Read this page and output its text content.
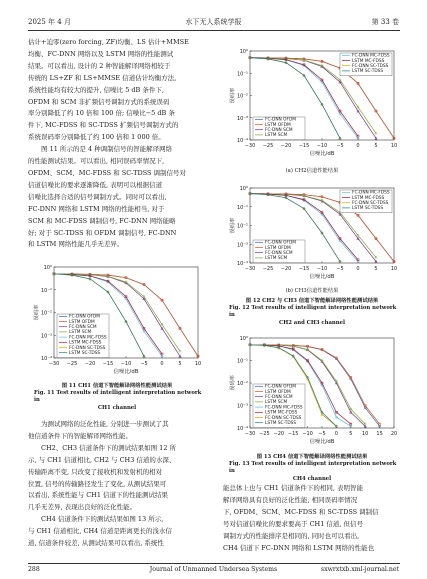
2025 年 4 月	水下无人系统学报	第 33 卷

估计+迫零(zero forcing, ZF)均衡、LS 估计+MMSE

均衡、FC-DNN 网络以及 LSTM 网络的性能测试

结果。可以看出, 设计的 2 种智能解译网络相较于

传统的 LS+ZF 和 LS+MMSE 信道估计均衡方法,

系统性能均有较大的提升, 信噪比 5 dB 条件下,

OFDM 和 SCM 非扩频信号调制方式的系统误码

率分别降低了约 10 倍和 100 倍; 信噪比−5 dB 条

件下, MC-FDSS 和 SC-TDSS 扩频信号调制方式的

系统误码率分别降低了约 100 倍和 1 000 倍。

图 11 所示的是 4 种调制信号的智能解译网络

的性能测试结果。可以看出, 相同误码率情况下,

OFDM、SCM、MC-FDSS 和 SC-TDSS 调制信号对

信道信噪比的要求逐渐降低, 表明可以根据信道

信噪比选择合适的信号调制方式。同时可以看出,

FC-DNN 网络和 LSTM 网络的性能相当, 对于

SCM 和 MC-FDSS 调制信号, FC-DNN 网络能略

好; 对于 SC-TDSS 和 OFDM 调制信号, FC-DNN

和 LSTM 网络性能几乎无差异。

10⁰
10⁻¹
10⁻²
10⁻³
10⁻⁴
−30 −25 −20 −15 −10 −5	0	5	10
信噪比/dB
误码率	FC-DNN OFDM
LSTM OFDM
FC-DNN SCM
LSTM SCM
FC-DNN MC-FDSS
LSTM MC-FDSS
FC-DNN SC-TDSS
LSTM SC-TDSS
图 11 CH1 信道下智能解译网络性能测试结果
Fig. 11 Test results of intelligent interpretation network in
CH1 channel

为测试网络的泛化性能, 分别进一步测试了其

他信道条件下的智能解译网络性能。

CH2、CH3 信道条件下的测试结果如图 12 所

示, 与 CH1 信道相比, CH2 与 CH3 信道的水深、

传输距离不变, 只改变了接收机和发射机的相对

位置, 信号的传输路径发生了变化, 从测试结果可

以看出, 系统性能与 CH1 信道下的性能测试结果

几乎无差异, 表现出良好的泛化性能。

CH4 信道条件下的测试结果如图 13 所示,

与 CH1 信道相比, CH4 信道是距离更长的浅水信

道, 信道条件较差, 从测试结果可以看出, 系统性

10⁰
10⁻¹
10⁻²
10⁻³
10⁻⁴
−30 −25 −20 −15 −10 −5	0	5	10
信噪比/dB
误码率
FC-DNN OFDM
LSTM OFDM
FC-DNN SCM
LSTM SCM
FC-DNN MC-FDSS
LSTM MC-FDSS
FC-DNN SC-TDSS
LSTM SC-TDSS
(a) CH2信道性能结果
10⁰
10⁻¹
10⁻²
10⁻³
10⁻⁴
−30 −25 −20 −15 −10 −5	0	5	10
信噪比/dB
误码率
FC-DNN OFDM
LSTM OFDM
FC-DNN SCM
LSTM SCM
FC-DNN MC-FDSS
LSTM MC-FDSS
FC-DNN SC-TDSS
LSTM SC-TDSS
(b) CH3信道性能结果
图 12 CH2 与 CH3 信道下智能解译网络性能测试结果
Fig. 12 Test results of intelligent interpretation network in
CH2 and CH3 channel
10⁰
10⁻¹
10⁻²
10⁻³
10⁻⁴
−30 −25 −20 −15 −10 −5 0 5 10 15 20
信噪比/dB
误码率	FC-DNN OFDM
LSTM OFDM
FC-DNN SCM
LSTM SCM
FC-DNN MC-FDSS
LSTM MC-FDSS
FC-DNN SC-TDSS
LSTM SC-TDSS
图 13 CH4 信道下智能解译网络性能测试结果
Fig. 13 Test results of intelligent interpretation network in
CH4 channel

能总体上也与 CH1 信道条件下的相同, 表明智能

解译网络具有良好的泛化性能, 相同误码率情况

下, OFDM、SCM、MC-FDSS 和 SC-TDSS 调制信

号对信道信噪比的要求要高于 CH1 信道, 但信号

调制方式的性能排序是相同的, 同时也可以看出,

CH4 信道下 FC-DNN 网络和 LSTM 网络的性能也

288	Journal of Unmanned Undersea Systems	sxwrxtxb.xml-journal.net
